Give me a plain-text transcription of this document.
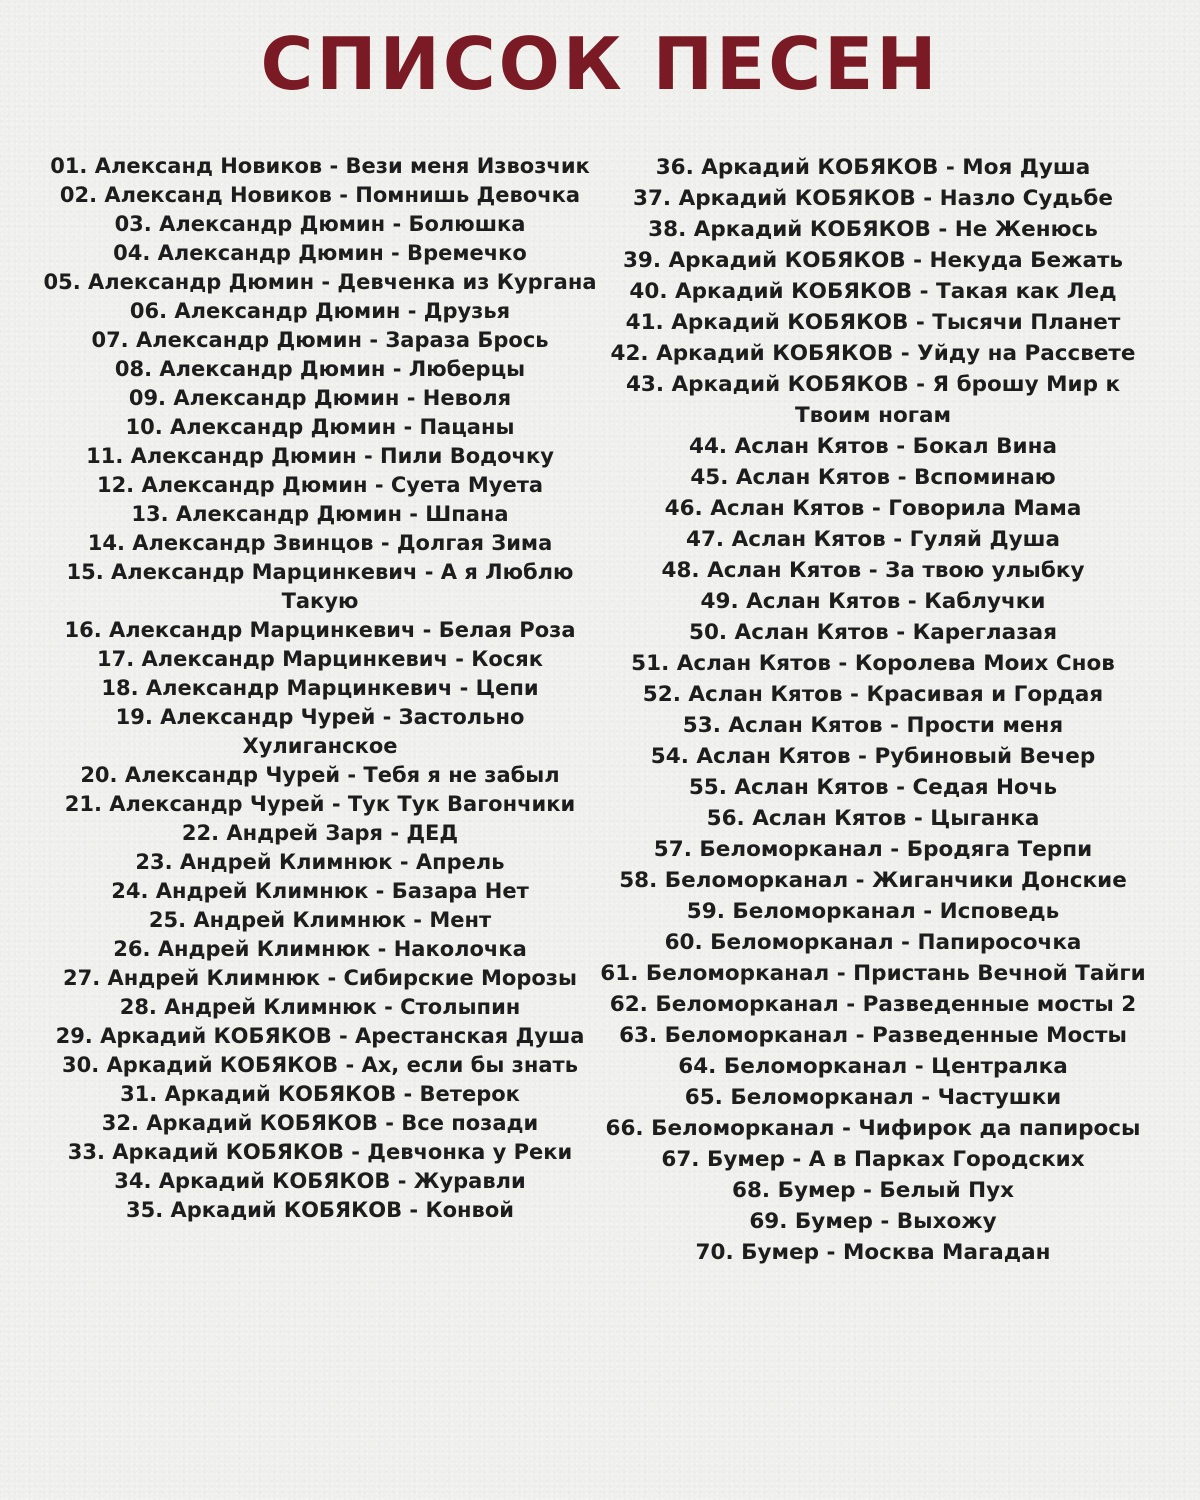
СПИСОК ПЕСЕН
01. Александ Новиков - Вези меня Извозчик
02. Александ Новиков - Помнишь Девочка
03. Александр Дюмин - Болюшка
04. Александр Дюмин - Времечко
05. Александр Дюмин - Девченка из Кургана
06. Александр Дюмин - Друзья
07. Александр Дюмин - Зараза Брось
08. Александр Дюмин - Люберцы
09. Александр Дюмин - Неволя
10. Александр Дюмин - Пацаны
11. Александр Дюмин - Пили Водочку
12. Александр Дюмин - Суета Муета
13. Александр Дюмин - Шпана
14. Александр Звинцов - Долгая Зима
15. Александр Марцинкевич - А я Люблю Такую
16. Александр Марцинкевич - Белая Роза
17. Александр Марцинкевич - Косяк
18. Александр Марцинкевич - Цепи
19. Александр Чурей - Застольно Хулиганское
20. Александр Чурей - Тебя я не забыл
21. Александр Чурей - Тук Тук Вагончики
22. Андрей Заря - ДЕД
23. Андрей Климнюк - Апрель
24. Андрей Климнюк - Базара Нет
25. Андрей Климнюк - Мент
26. Андрей Климнюк - Наколочка
27. Андрей Климнюк - Сибирские Морозы
28. Андрей Климнюк - Столыпин
29. Аркадий КОБЯКОВ - Арестанская Душа
30. Аркадий КОБЯКОВ - Ах, если бы знать
31. Аркадий КОБЯКОВ - Ветерок
32. Аркадий КОБЯКОВ - Все позади
33. Аркадий КОБЯКОВ - Девчонка у Реки
34. Аркадий КОБЯКОВ - Журавли
35. Аркадий КОБЯКОВ - Конвой
36. Аркадий КОБЯКОВ - Моя Душа
37. Аркадий КОБЯКОВ - Назло Судьбе
38. Аркадий КОБЯКОВ - Не Женюсь
39. Аркадий КОБЯКОВ - Некуда Бежать
40. Аркадий КОБЯКОВ - Такая как Лед
41. Аркадий КОБЯКОВ - Тысячи Планет
42. Аркадий КОБЯКОВ - Уйду на Рассвете
43. Аркадий КОБЯКОВ - Я брошу Мир к Твоим ногам
44. Аслан Кятов - Бокал Вина
45. Аслан Кятов - Вспоминаю
46. Аслан Кятов - Говорила Мама
47. Аслан Кятов - Гуляй Душа
48. Аслан Кятов - За твою улыбку
49. Аслан Кятов - Каблучки
50. Аслан Кятов - Кареглазая
51. Аслан Кятов - Королева Моих Снов
52. Аслан Кятов - Красивая и Гордая
53. Аслан Кятов - Прости меня
54. Аслан Кятов - Рубиновый Вечер
55. Аслан Кятов - Седая Ночь
56. Аслан Кятов - Цыганка
57. Беломорканал - Бродяга Терпи
58. Беломорканал - Жиганчики Донские
59. Беломорканал - Исповедь
60. Беломорканал - Папиросочка
61. Беломорканал - Пристань Вечной Тайги
62. Беломорканал - Разведенные мосты 2
63. Беломорканал - Разведенные Мосты
64. Беломорканал - Централка
65. Беломорканал - Частушки
66. Беломорканал - Чифирок да папиросы
67. Бумер - А в Парках Городских
68. Бумер - Белый Пух
69. Бумер - Выхожу
70. Бумер - Москва Магадан
